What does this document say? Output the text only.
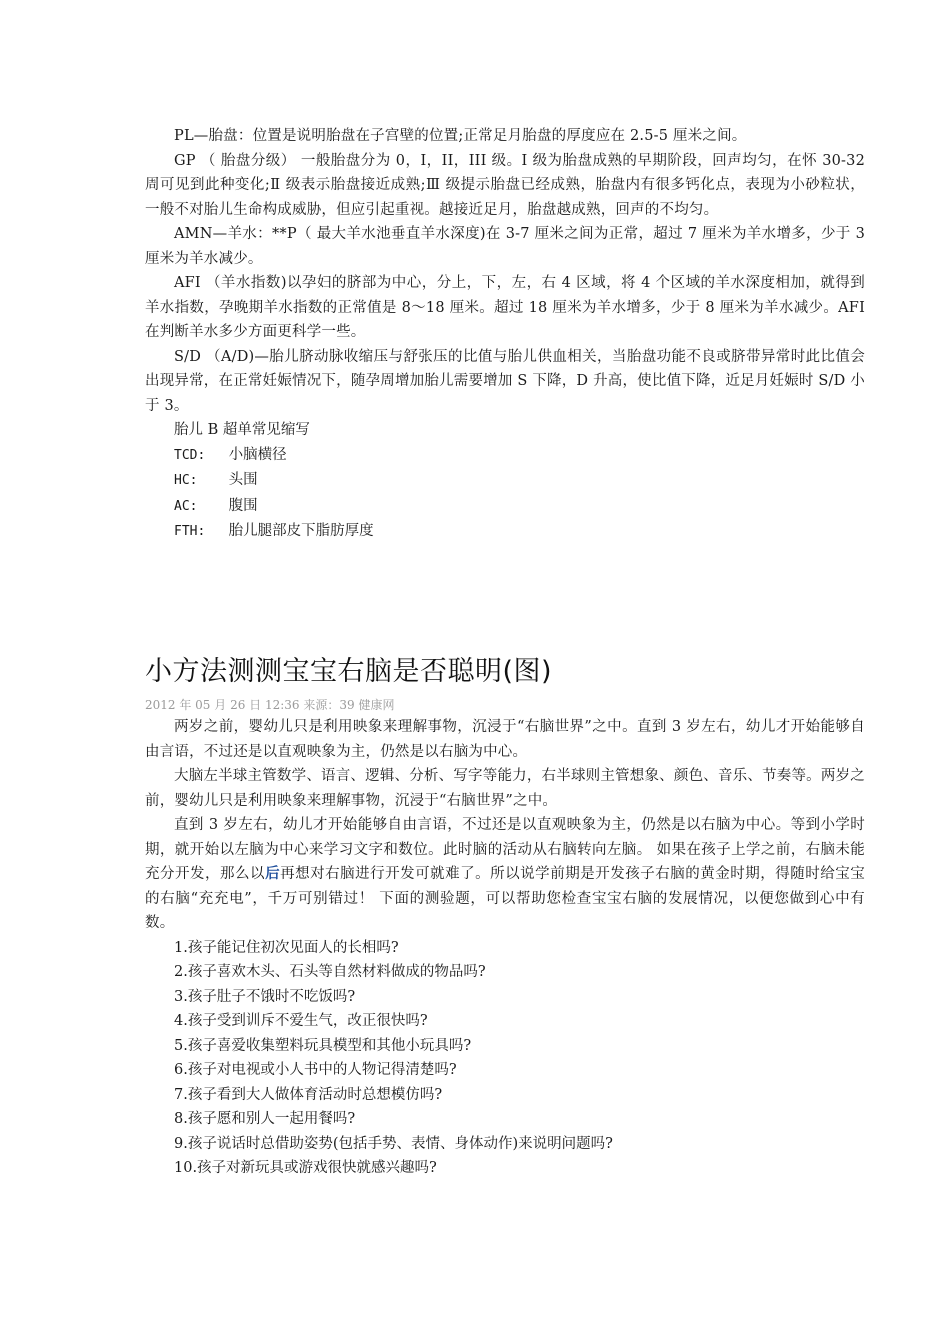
PL—胎盘：位置是说明胎盘在子宫壁的位置;正常足月胎盘的厚度应在 2.5-5 厘米之间。

GP （ 胎盘分级） 一般胎盘分为 0，I，II，III 级。I 级为胎盘成熟的早期阶段，回声均匀，在怀 30-32 周可见到此种变化;Ⅱ 级表示胎盘接近成熟;Ⅲ 级提示胎盘已经成熟，胎盘内有很多钙化点，表现为小砂粒状，一般不对胎儿生命构成威胁，但应引起重视。越接近足月，胎盘越成熟，回声的不均匀。

AMN—羊水：**P（ 最大羊水池垂直羊水深度)在 3-7 厘米之间为正常，超过 7 厘米为羊水增多，少于 3 厘米为羊水减少。

AFI （羊水指数)以孕妇的脐部为中心，分上，下，左，右 4 区域，将 4 个区域的羊水深度相加，就得到羊水指数，孕晚期羊水指数的正常值是 8～18 厘米。超过 18 厘米为羊水增多，少于 8 厘米为羊水减少。AFI 在判断羊水多少方面更科学一些。

S/D （A/D)—胎儿脐动脉收缩压与舒张压的比值与胎儿供血相关，当胎盘功能不良或脐带异常时此比值会出现异常，在正常妊娠情况下，随孕周增加胎儿需要增加 S 下降，D 升高，使比值下降，近足月妊娠时 S/D 小于 3。

胎儿 B 超单常见缩写

TCD: 小脑横径

HC: 头围

AC: 腹围

FTH: 胎儿腿部皮下脂肪厚度

小方法测测宝宝右脑是否聪明(图)
2012 年 05 月 26 日 12:36 来源：39 健康网

两岁之前，婴幼儿只是利用映象来理解事物，沉浸于“右脑世界”之中。直到 3 岁左右，幼儿才开始能够自由言语，不过还是以直观映象为主，仍然是以右脑为中心。

大脑左半球主管数学、语言、逻辑、分析、写字等能力，右半球则主管想象、颜色、音乐、节奏等。两岁之前，婴幼儿只是利用映象来理解事物，沉浸于“右脑世界”之中。

直到 3 岁左右，幼儿才开始能够自由言语，不过还是以直观映象为主，仍然是以右脑为中心。等到小学时期，就开始以左脑为中心来学习文字和数位。此时脑的活动从右脑转向左脑。 如果在孩子上学之前，右脑未能充分开发，那么以后再想对右脑进行开发可就难了。所以说学前期是开发孩子右脑的黄金时期，得随时给宝宝的右脑“充充电”，千万可别错过！ 下面的测验题，可以帮助您检查宝宝右脑的发展情况，以便您做到心中有数。

1.孩子能记住初次见面人的长相吗?

2.孩子喜欢木头、石头等自然材料做成的物品吗?

3.孩子肚子不饿时不吃饭吗?

4.孩子受到训斥不爱生气，改正很快吗?

5.孩子喜爱收集塑料玩具模型和其他小玩具吗?

6.孩子对电视或小人书中的人物记得清楚吗?

7.孩子看到大人做体育活动时总想模仿吗?

8.孩子愿和别人一起用餐吗?

9.孩子说话时总借助姿势(包括手势、表情、身体动作)来说明问题吗?

10.孩子对新玩具或游戏很快就感兴趣吗?
